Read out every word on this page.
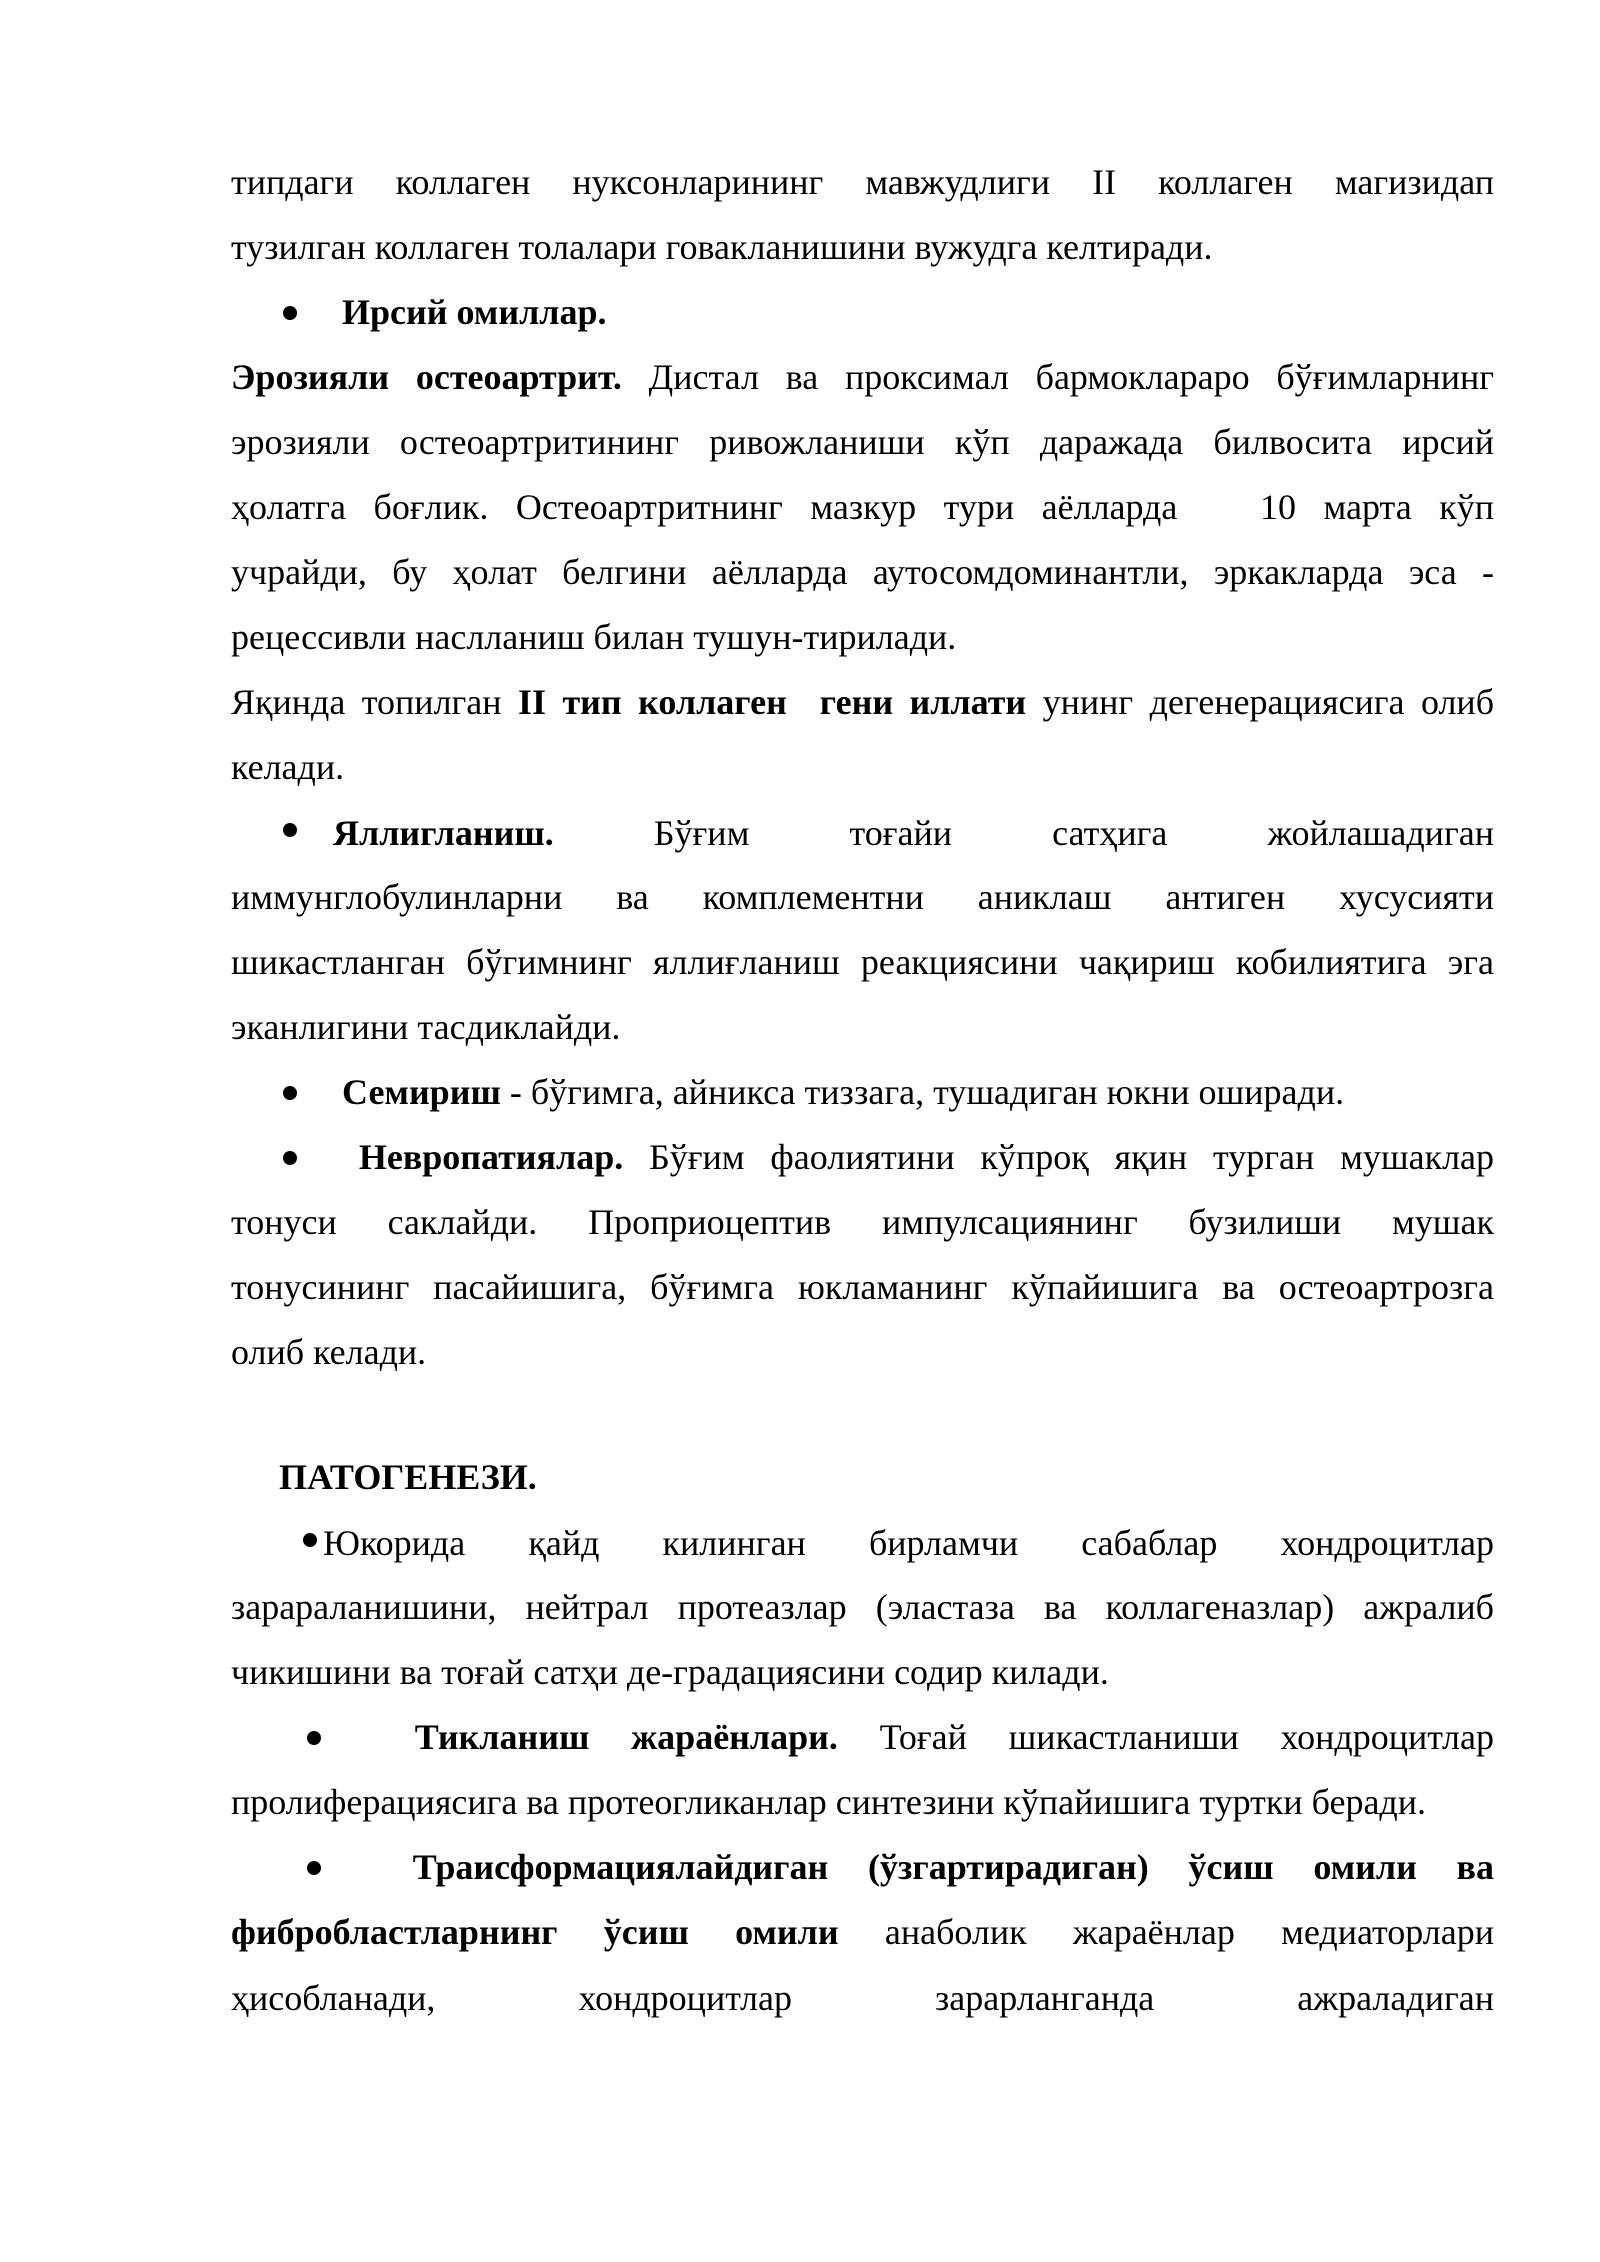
типдаги коллаген нуксонларининг мавжудлиги II коллаген магизидап

тузилган коллаген толалари говакланишини вужудга келтиради.

Ирсий омиллар.

Эрозияли остеоартрит. Дистал ва проксимал бармоклараро бўғимларнинг

эрозияли остеоартритининг ривожланиши кўп даражада билвосита ирсий

ҳолатга боғлик. Остеоартритнинг мазкур тури аёлларда 10 марта кўп

учрайди, бу ҳолат белгини аёлларда аутосомдоминантли, эркакларда эса -

рецессивли наслланиш билан тушун-тирилади.

Яқинда топилган II тип коллаген  гени иллати унинг дегенерациясига олиб

келади.

Яллигланиш.	Бўғим	тоғайи	сатҳига	жойлашадиган

иммунглобулинларни ва комплементни аниклаш антиген хусусияти

шикастланган бўгимнинг яллиғланиш реакциясини чақириш кобилиятига эга

эканлигини тасдиклайди.

Семириш - бўгимга, айникса тиззага, тушадиган юкни оширади.

Невропатиялар. Бўғим фаолиятини кўпроқ яқин турган мушаклар

тонуси саклайди. Проприоцептив импулсациянинг бузилиши мушак

тонусининг пасайишига, бўғимга юкламанинг кўпайишига ва остеоартрозга

олиб келади.

ПАТОГЕНЕЗИ.

Юкорида қайд килинган бирламчи сабаблар хондроцитлар

зарараланишини, нейтрал протеазлар (эластаза ва коллагеназлар) ажралиб

чикишини ва тоғай сатҳи де-градациясини содир килади.

Тикланиш жараёнлари. Тоғай шикастланиши хондроцитлар

пролиферациясига ва протеогликанлар синтезини кўпайишига туртки беради.

Траисформациялайдиган (ўзгартирадиган) ўсиш омили ва

фибробластларнинг ўсиш омили анаболик жараёнлар медиаторлари

ҳисобланади,	хондроцитлар	зарарланганда	ажраладиган
